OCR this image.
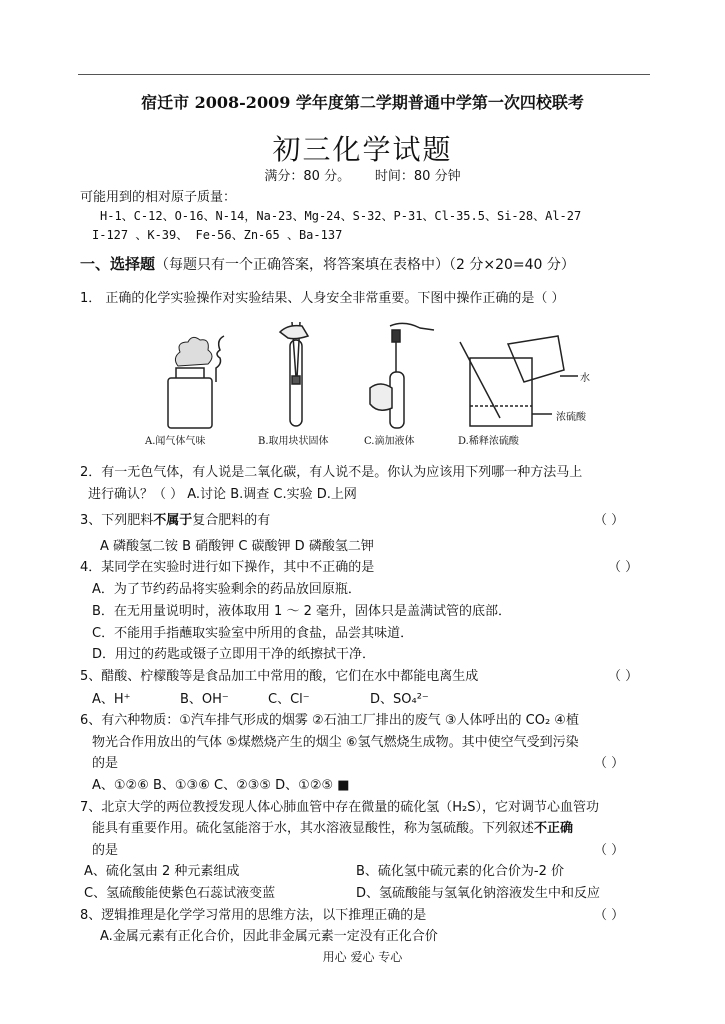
宿迁市 2008-2009 学年度第二学期普通中学第一次四校联考
初三化学试题
满分：80 分。 时间：80 分钟
可能用到的相对原子质量：
H-1、C-12、O-16、N-14，Na-23、Mg-24、S-32、P-31、Cl-35.5、Si-28、Al-27
I-127 、K-39、 Fe-56、Zn-65 、Ba-137
一、选择题（每题只有一个正确答案，将答案填在表格中）（2 分×20=40 分）
1． 正确的化学实验操作对实验结果、人身安全非常重要。下图中操作正确的是（ ）
水
浓硫酸
A.闻气体气味	B.取用块状固体	C.滴加液体	D.稀释浓硫酸
2．有一无色气体，有人说是二氧化碳，有人说不是。你认为应该用下列哪一种方法马上
进行确认？（ ） A.讨论 B.调查 C.实验 D.上网
3、下列肥料不属于复合肥料的有	（ ）
A 磷酸氢二铵 B 硝酸钾 C 碳酸钾 D 磷酸氢二钾
4．某同学在实验时进行如下操作，其中不正确的是	（ ）
A．为了节约药品将实验剩余的药品放回原瓶．
B．在无用量说明时，液体取用 1 ～ 2 毫升，固体只是盖满试管的底部．
C．不能用手指蘸取实验室中所用的食盐，品尝其味道．
D．用过的药匙或镊子立即用干净的纸擦拭干净．
5、醋酸、柠檬酸等是食品加工中常用的酸，它们在水中都能电离生成	（ ）
A、H⁺	B、OH⁻	C、Cl⁻	D、SO₄²⁻
6、有六种物质：①汽车排气形成的烟雾 ②石油工厂排出的废气 ③人体呼出的 CO₂ ④植
物光合作用放出的气体 ⑤煤燃烧产生的烟尘 ⑥氢气燃烧生成物。其中使空气受到污染
的是	（ ）
A、①②⑥ B、①③⑥ C、②③⑤ D、①②⑤ ■
7、北京大学的两位教授发现人体心肺血管中存在微量的硫化氢（H₂S），它对调节心血管功
能具有重要作用。硫化氢能溶于水，其水溶液显酸性，称为氢硫酸。下列叙述不正确
的是	（ ）
A、硫化氢由 2 种元素组成	B、硫化氢中硫元素的化合价为-2 价
C、氢硫酸能使紫色石蕊试液变蓝	D、氢硫酸能与氢氧化钠溶液发生中和反应
8、逻辑推理是化学学习常用的思维方法，以下推理正确的是	（ ）
A.金属元素有正化合价，因此非金属元素一定没有正化合价
用心 爱心 专心
